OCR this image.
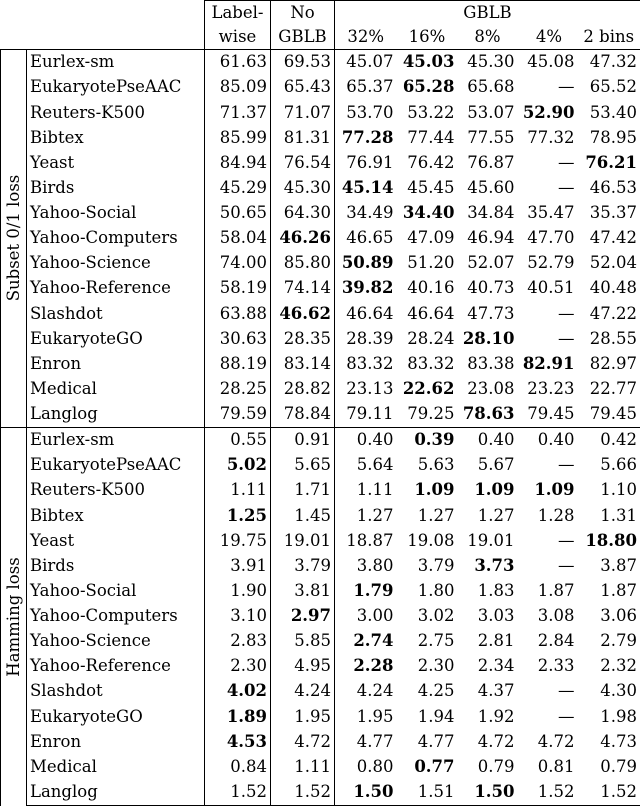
		Label-	No	GBLB				
		wise	GBLB	32%	16%	8%	4%	2 bins

Subset 0/1 loss	Eurlex-sm	61.63	69.53	45.07	45.03	45.30	45.08	47.32
	EukaryotePseAAC	85.09	65.43	65.37	65.28	65.68	—	65.52
	Reuters-K500	71.37	71.07	53.70	53.22	53.07	52.90	53.40
	Bibtex	85.99	81.31	77.28	77.44	77.55	77.32	78.95
	Yeast	84.94	76.54	76.91	76.42	76.87	—	76.21
	Birds	45.29	45.30	45.14	45.45	45.60	—	46.53
	Yahoo-Social	50.65	64.30	34.49	34.40	34.84	35.47	35.37
	Yahoo-Computers	58.04	46.26	46.65	47.09	46.94	47.70	47.42
	Yahoo-Science	74.00	85.80	50.89	51.20	52.07	52.79	52.04
	Yahoo-Reference	58.19	74.14	39.82	40.16	40.73	40.51	40.48
	Slashdot	63.88	46.62	46.64	46.64	47.73	—	47.22
	EukaryoteGO	30.63	28.35	28.39	28.24	28.10	—	28.55
	Enron	88.19	83.14	83.32	83.32	83.38	82.91	82.97
	Medical	28.25	28.82	23.13	22.62	23.08	23.23	22.77
	Langlog	79.59	78.84	79.11	79.25	78.63	79.45	79.45

Hamming loss	Eurlex-sm	0.55	0.91	0.40	0.39	0.40	0.40	0.42
	EukaryotePseAAC	5.02	5.65	5.64	5.63	5.67	—	5.66
	Reuters-K500	1.11	1.71	1.11	1.09	1.09	1.09	1.10
	Bibtex	1.25	1.45	1.27	1.27	1.27	1.28	1.31
	Yeast	19.75	19.01	18.87	19.08	19.01	—	18.80
	Birds	3.91	3.79	3.80	3.79	3.73	—	3.87
	Yahoo-Social	1.90	3.81	1.79	1.80	1.83	1.87	1.87
	Yahoo-Computers	3.10	2.97	3.00	3.02	3.03	3.08	3.06
	Yahoo-Science	2.83	5.85	2.74	2.75	2.81	2.84	2.79
	Yahoo-Reference	2.30	4.95	2.28	2.30	2.34	2.33	2.32
	Slashdot	4.02	4.24	4.24	4.25	4.37	—	4.30
	EukaryoteGO	1.89	1.95	1.95	1.94	1.92	—	1.98
	Enron	4.53	4.72	4.77	4.77	4.72	4.72	4.73
	Medical	0.84	1.11	0.80	0.77	0.79	0.81	0.79
	Langlog	1.52	1.52	1.50	1.51	1.50	1.52	1.52
